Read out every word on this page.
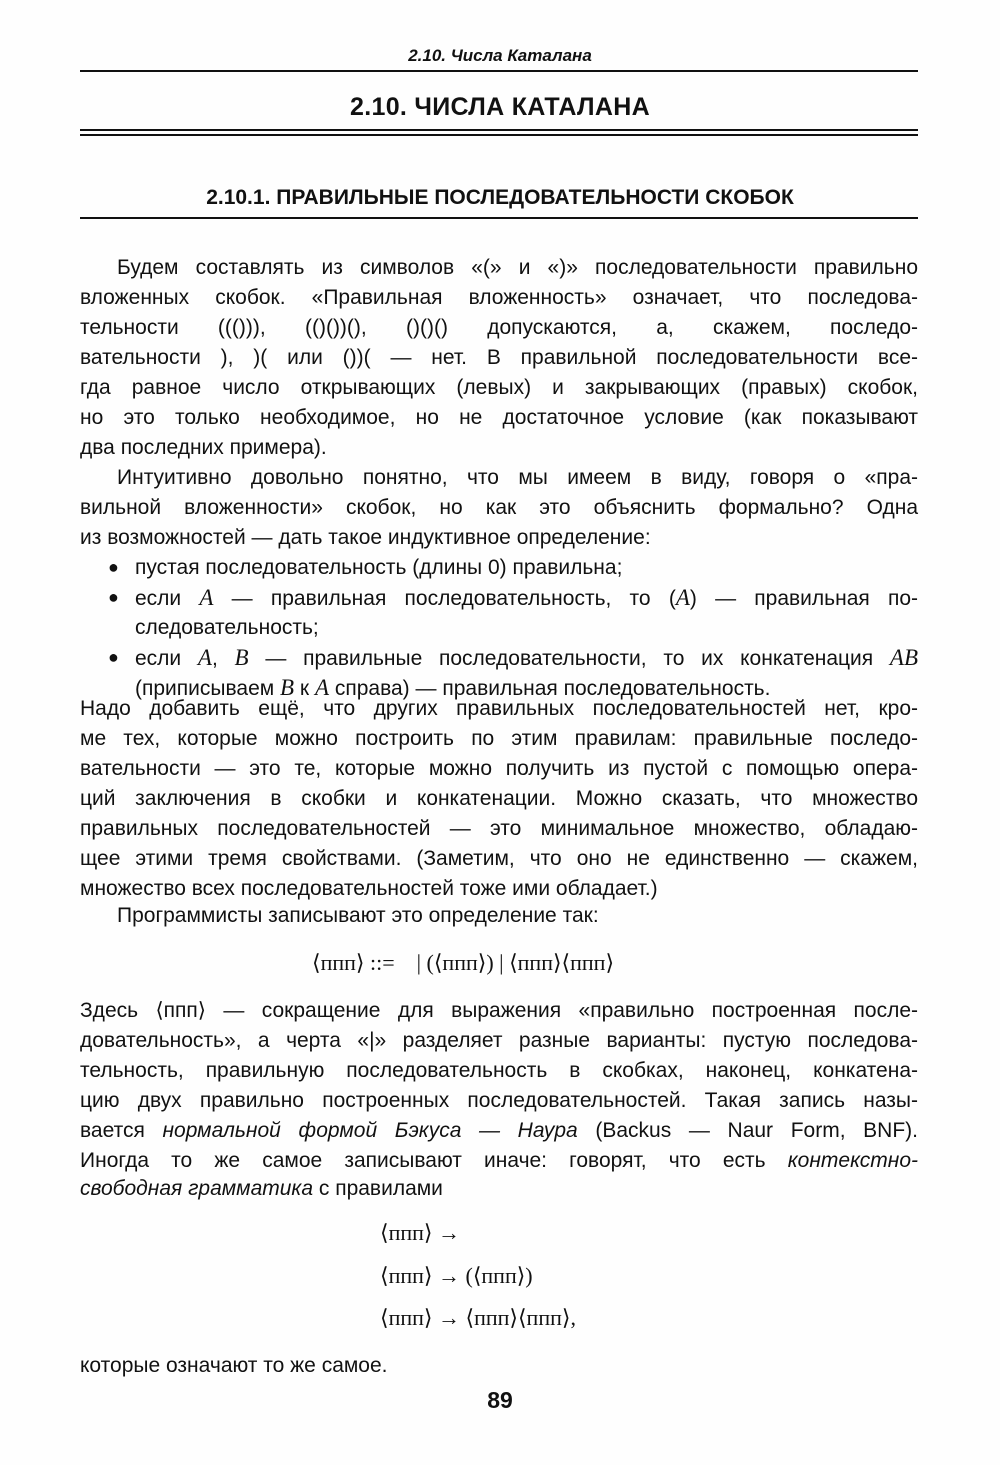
2.10. Числа Каталана
2.10. ЧИСЛА КАТАЛАНА
2.10.1. ПРАВИЛЬНЫЕ ПОСЛЕДОВАТЕЛЬНОСТИ СКОБОК
Будем составлять из символов «(» и «)» последовательности правильно
вложенных скобок. «Правильная вложенность» означает, что последова-
тельности ((())), (()())(), ()()() допускаются, а, скажем, последо-
вательности ), )( или ())( — нет. В правильной последовательности все-
гда равное число открывающих (левых) и закрывающих (правых) скобок,
но это только необходимое, но не достаточное условие (как показывают
два последних примера).
Интуитивно довольно понятно, что мы имеем в виду, говоря о «пра-
вильной вложенности» скобок, но как это объяснить формально? Одна
из возможностей — дать такое индуктивное определение:
пустая последовательность (длины 0) правильна;
●
если A — правильная последовательность, то (A) — правильная по-
●
следовательность;
если A, B — правильные последовательности, то их конкатенация AB
●
(приписываем B к A справа) — правильная последовательность.
Надо добавить ещё, что других правильных последовательностей нет, кро-
ме тех, которые можно построить по этим правилам: правильные последо-
вательности — это те, которые можно получить из пустой с помощью опера-
ций заключения в скобки и конкатенации. Можно сказать, что множество
правильных последовательностей — это минимальное множество, обладаю-
щее этими тремя свойствами. (Заметим, что оно не единственно — скажем,
множество всех последовательностей тоже ими обладает.)
Программисты записывают это определение так:
Здесь ⟨ппп⟩ — сокращение для выражения «правильно построенная после-
довательность», а черта «|» разделяет разные варианты: пустую последова-
тельность, правильную последовательность в скобках, наконец, конкатена-
цию двух правильно построенных последовательностей. Такая запись назы-
вается нормальной формой Бэкуса — Наура (Backus — Naur Form, BNF).
Иногда то же самое записывают иначе: говорят, что есть контекстно-
свободная грамматика с правилами
которые означают то же самое.
⟨ппп⟩ ::=    | (⟨ппп⟩) | ⟨ппп⟩⟨ппп⟩
⟨ппп⟩ →
⟨ппп⟩ → (⟨ппп⟩)
⟨ппп⟩ → ⟨ппп⟩⟨ппп⟩,
89
